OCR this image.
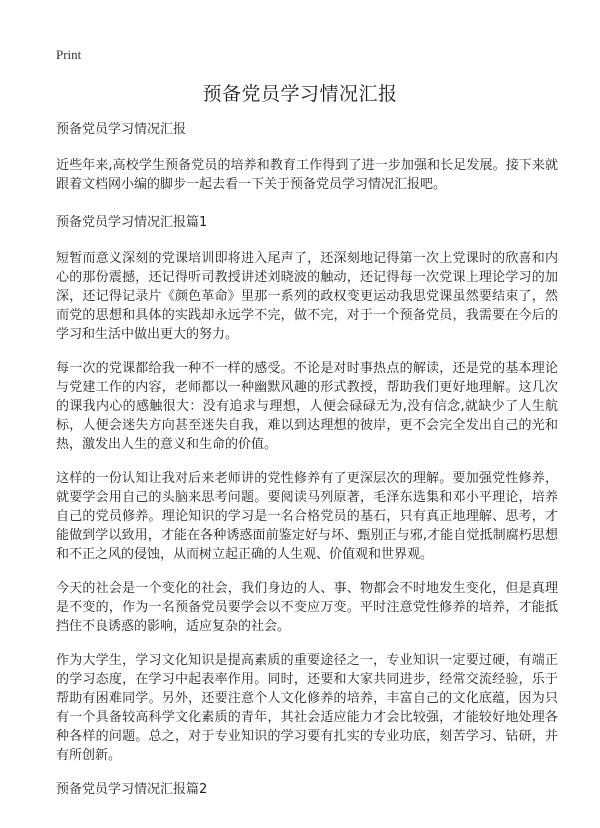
Print
预备党员学习情况汇报

预备党员学习情况汇报

近些年来,高校学生预备党员的培养和教育工作得到了进一步加强和长足发展。接下来就跟着文档网小编的脚步一起去看一下关于预备党员学习情况汇报吧。

预备党员学习情况汇报篇1

短暂而意义深刻的党课培训即将进入尾声了，还深刻地记得第一次上党课时的欣喜和内心的那份震撼，还记得听司教授讲述刘晓波的触动，还记得每一次党课上理论学习的加深，还记得记录片《颜色革命》里那一系列的政权变更运动我思党课虽然要结束了，然而党的思想和具体的实践却永远学不完，做不完，对于一个预备党员，我需要在今后的学习和生活中做出更大的努力。

每一次的党课都给我一种不一样的感受。不论是对时事热点的解读，还是党的基本理论与党建工作的内容，老师都以一种幽默风趣的形式教授，帮助我们更好地理解。这几次的课我内心的感触很大：没有追求与理想，人便会碌碌无为,没有信念,就缺少了人生航标，人便会迷失方向甚至迷失自我，难以到达理想的彼岸，更不会完全发出自己的光和热，激发出人生的意义和生命的价值。

这样的一份认知让我对后来老师讲的党性修养有了更深层次的理解。要加强党性修养，就要学会用自己的头脑来思考问题。要阅读马列原著，毛泽东选集和邓小平理论，培养自己的党员修养。理论知识的学习是一名合格党员的基石，只有真正地理解、思考，才能做到学以致用，才能在各种诱惑面前鉴定好与坏、甄别正与邪,才能自觉抵制腐朽思想和不正之风的侵蚀，从而树立起正确的人生观、价值观和世界观。

今天的社会是一个变化的社会，我们身边的人、事、物都会不时地发生变化，但是真理是不变的，作为一名预备党员要学会以不变应万变。平时注意党性修养的培养，才能抵挡住不良诱惑的影响，适应复杂的社会。

作为大学生，学习文化知识是提高素质的重要途径之一，专业知识一定要过硬，有端正的学习态度，在学习中起表率作用。同时，还要和大家共同进步，经常交流经验，乐于帮助有困难同学。另外，还要注意个人文化修养的培养，丰富自己的文化底蕴，因为只有一个具备较高科学文化素质的青年，其社会适应能力才会比较强，才能较好地处理各种各样的问题。总之，对于专业知识的学习要有扎实的专业功底，刻苦学习、钻研，并有所创新。

预备党员学习情况汇报篇2
